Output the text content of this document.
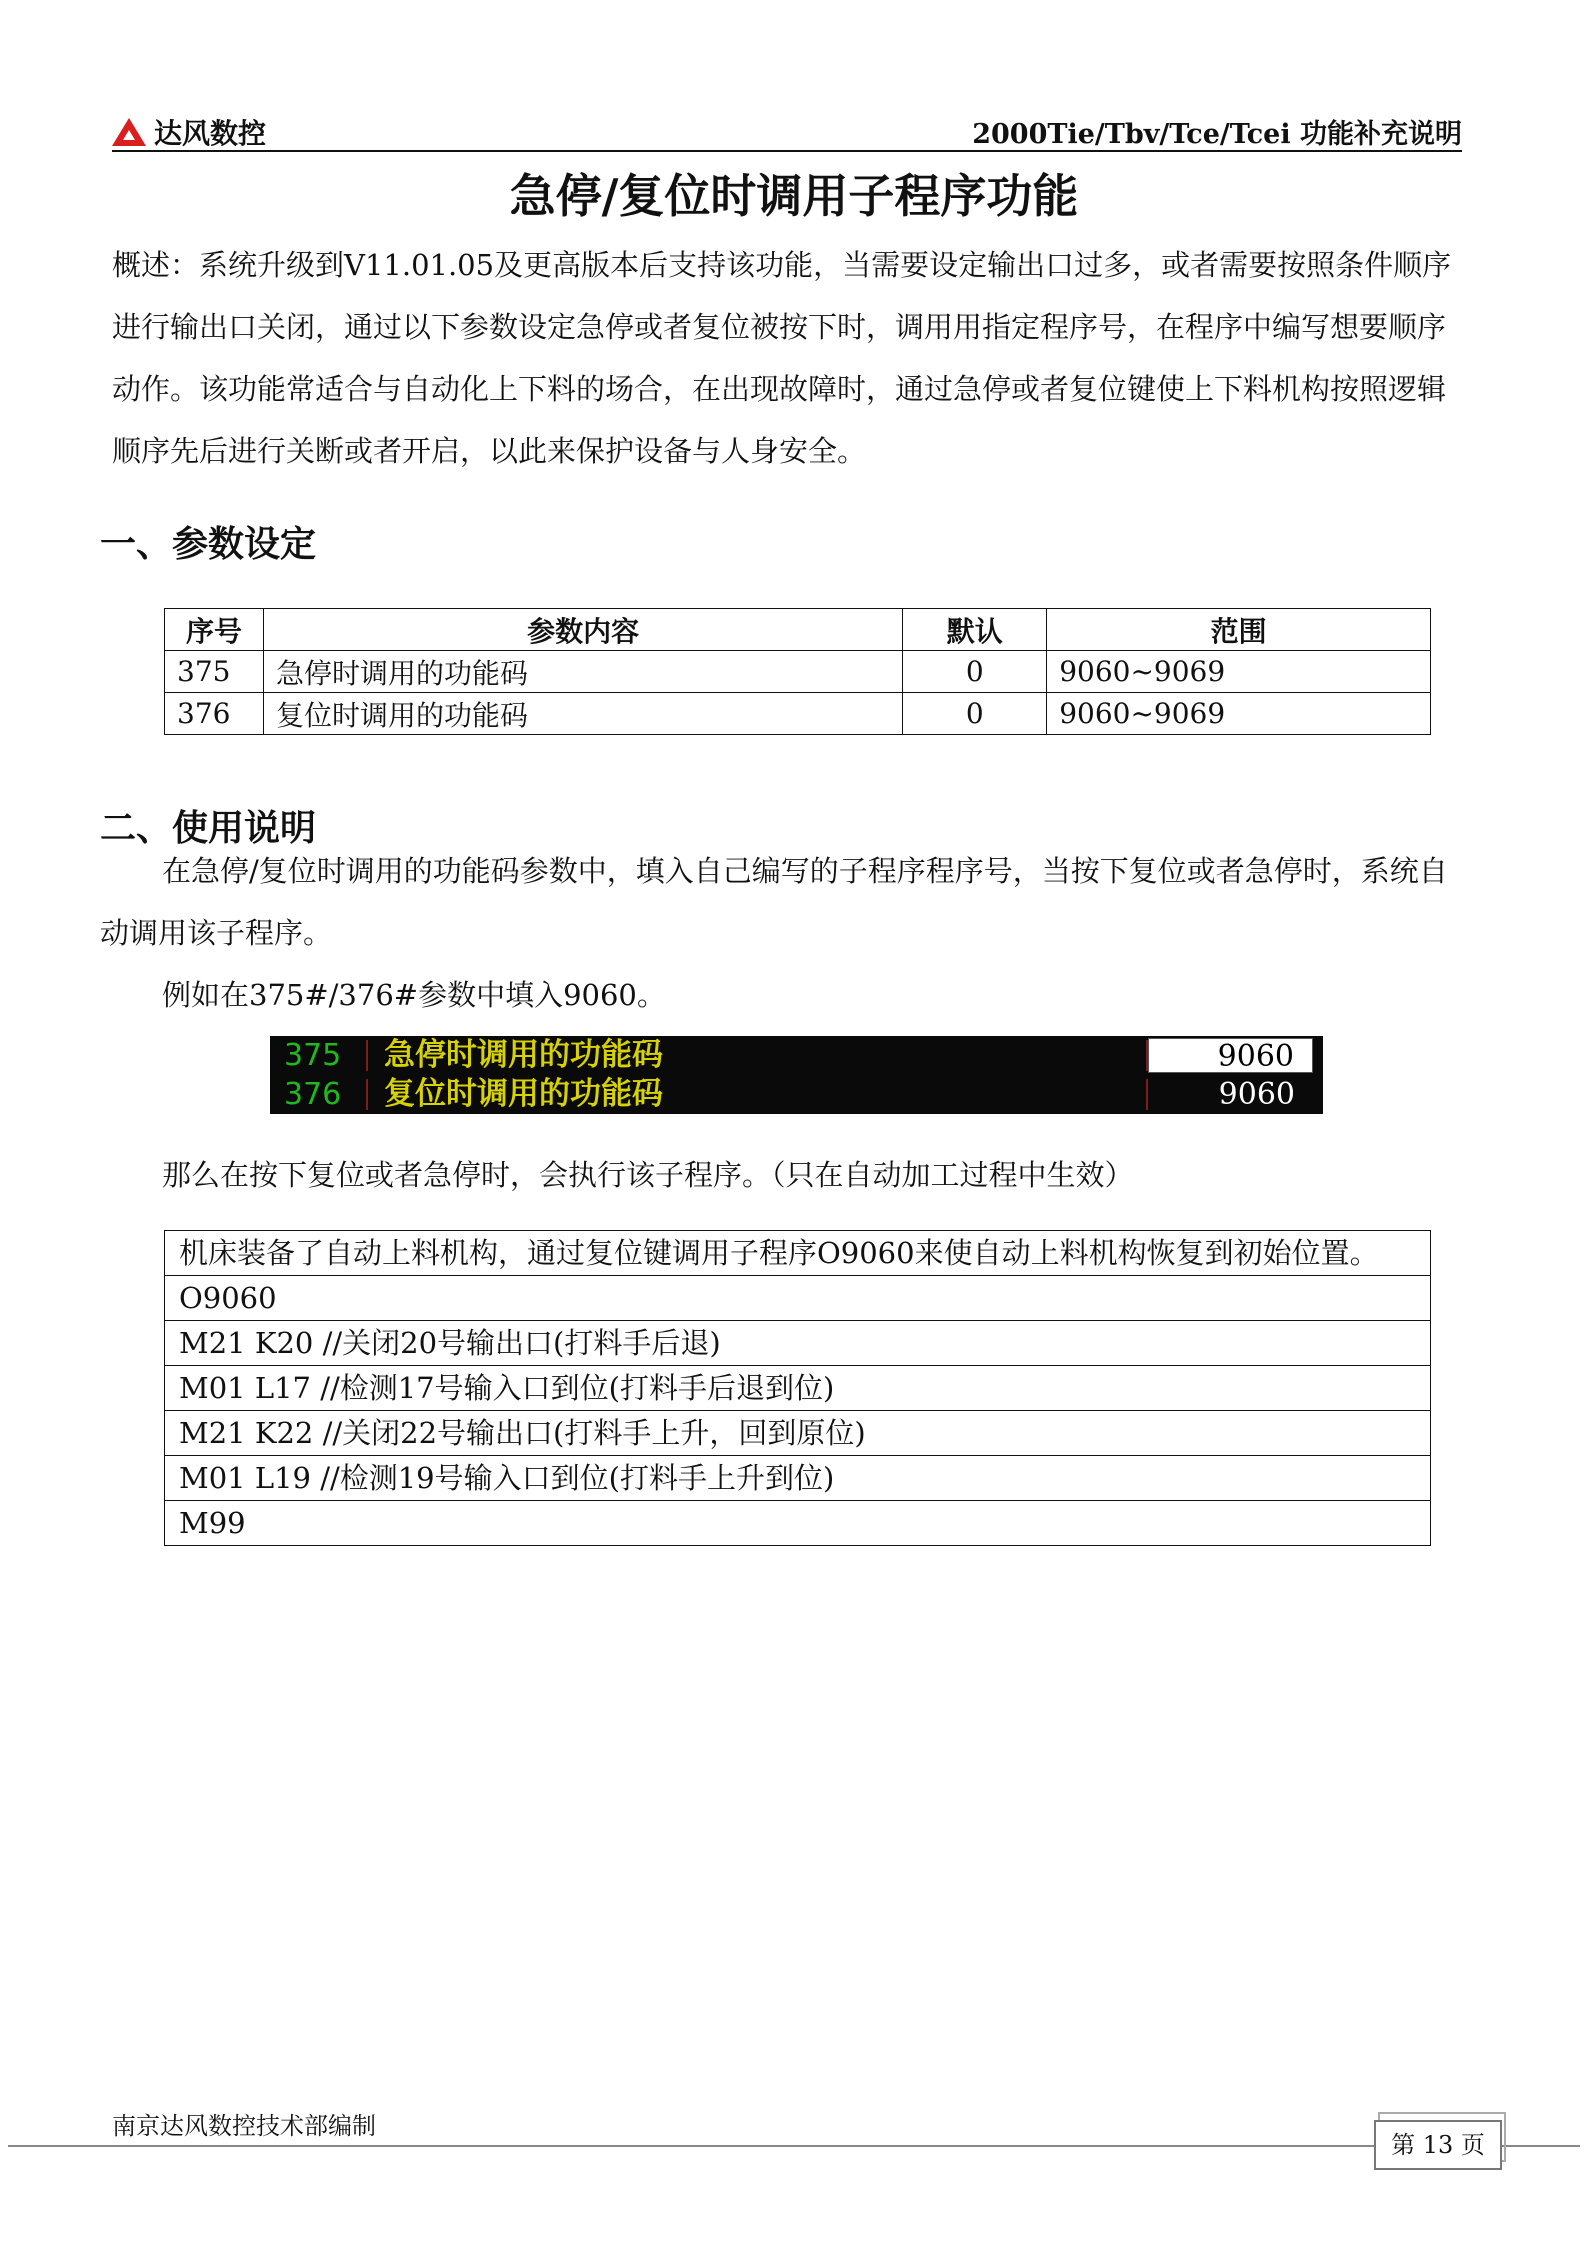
达风数控	2000Tie/Tbv/Tce/Tcei 功能补充说明
急停/复位时调用子程序功能
概述：系统升级到V11.01.05及更高版本后支持该功能，当需要设定输出口过多，或者需要按照条件顺序进行输出口关闭，通过以下参数设定急停或者复位被按下时，调用用指定程序号，在程序中编写想要顺序动作。该功能常适合与自动化上下料的场合，在出现故障时，通过急停或者复位键使上下料机构按照逻辑顺序先后进行关断或者开启，以此来保护设备与人身安全。
一、参数设定
序号	参数内容	默认	范围
375	急停时调用的功能码	0	9060~9069
376	复位时调用的功能码	0	9060~9069
二、使用说明
在急停/复位时调用的功能码参数中，填入自己编写的子程序程序号，当按下复位或者急停时，系统自动调用该子程序。
例如在375#/376#参数中填入9060。
375 急停时调用的功能码	9060
376 复位时调用的功能码	9060
那么在按下复位或者急停时，会执行该子程序。（只在自动加工过程中生效）
机床装备了自动上料机构，通过复位键调用子程序O9060来使自动上料机构恢复到初始位置。
O9060
M21 K20 //关闭20号输出口(打料手后退)
M01 L17 //检测17号输入口到位(打料手后退到位)
M21 K22 //关闭22号输出口(打料手上升，回到原位)
M01 L19 //检测19号输入口到位(打料手上升到位)
M99
南京达风数控技术部编制
第 13 页
